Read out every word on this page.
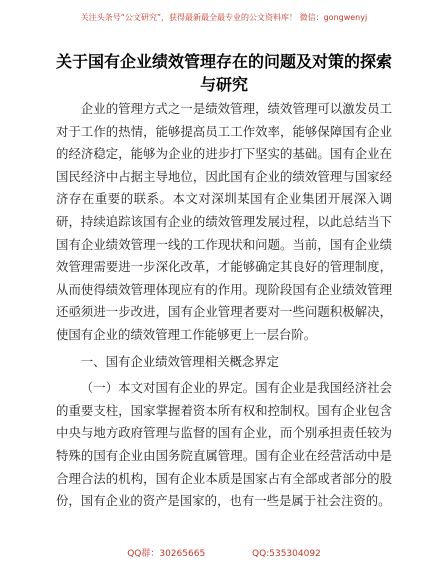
关注头条号“公文研究”，获得最新最全最专业的公文资料库！ 微信：gongwenyj
关于国有企业绩效管理存在的问题及对策的探索与研究

企业的管理方式之一是绩效管理，绩效管理可以激发员工对于工作的热情，能够提高员工工作效率，能够保障国有企业的经济稳定，能够为企业的进步打下坚实的基础。国有企业在国民经济中占据主导地位，因此国有企业的绩效管理与国家经济存在重要的联系。本文对深圳某国有企业集团开展深入调研，持续追踪该国有企业的绩效管理发展过程，以此总结当下国有企业绩效管理一线的工作现状和问题。当前，国有企业绩效管理需要进一步深化改革，才能够确定其良好的管理制度，从而使得绩效管理体现应有的作用。现阶段国有企业绩效管理还亟须进一步改进，国有企业管理者要对一些问题积极解决，使国有企业的绩效管理工作能够更上一层台阶。

一、国有企业绩效管理相关概念界定

（一）本文对国有企业的界定。国有企业是我国经济社会的重要支柱，国家掌握着资本所有权和控制权。国有企业包含中央与地方政府管理与监督的国有企业，而个别承担责任较为特殊的国有企业由国务院直属管理。国有企业在经营活动中是合理合法的机构，国有企业本质是国家占有全部或者部分的股份，国有企业的资产是国家的，也有一些是属于社会注资的。

QQ群：30265665	QQ:535304092
